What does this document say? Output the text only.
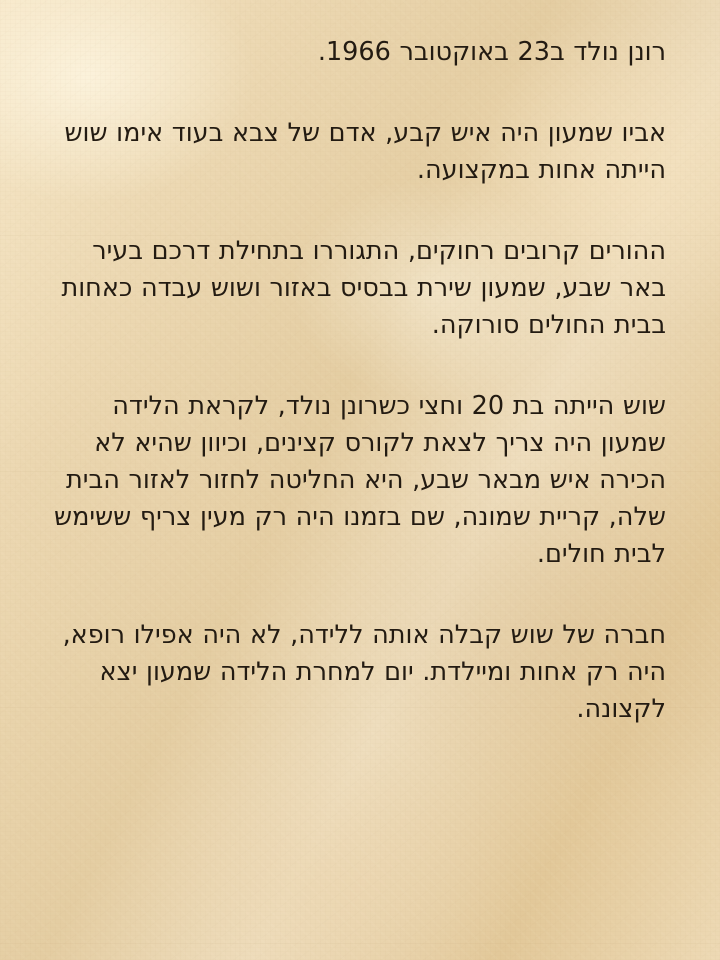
רונן נולד ב23 באוקטובר 1966.

אביו שמעון היה איש קבע, אדם של צבא בעוד אימו שוש הייתה אחות במקצועה.

ההורים קרובים רחוקים, התגוררו בתחילת דרכם בעיר באר שבע, שמעון שירת בבסיס באזור ושוש עבדה כאחות בבית החולים סורוקה.

שוש הייתה בת 20 וחצי כשרונן נולד, לקראת הלידה שמעון היה צריך לצאת לקורס קצינים, וכיוון שהיא לא הכירה איש מבאר שבע, היא החליטה לחזור לאזור הבית שלה, קריית שמונה, שם בזמנו היה רק מעין צריף ששימש לבית חולים.

חברה של שוש קבלה אותה ללידה, לא היה אפילו רופא, היה רק אחות ומיילדת. יום למחרת הלידה שמעון יצא לקצונה.
